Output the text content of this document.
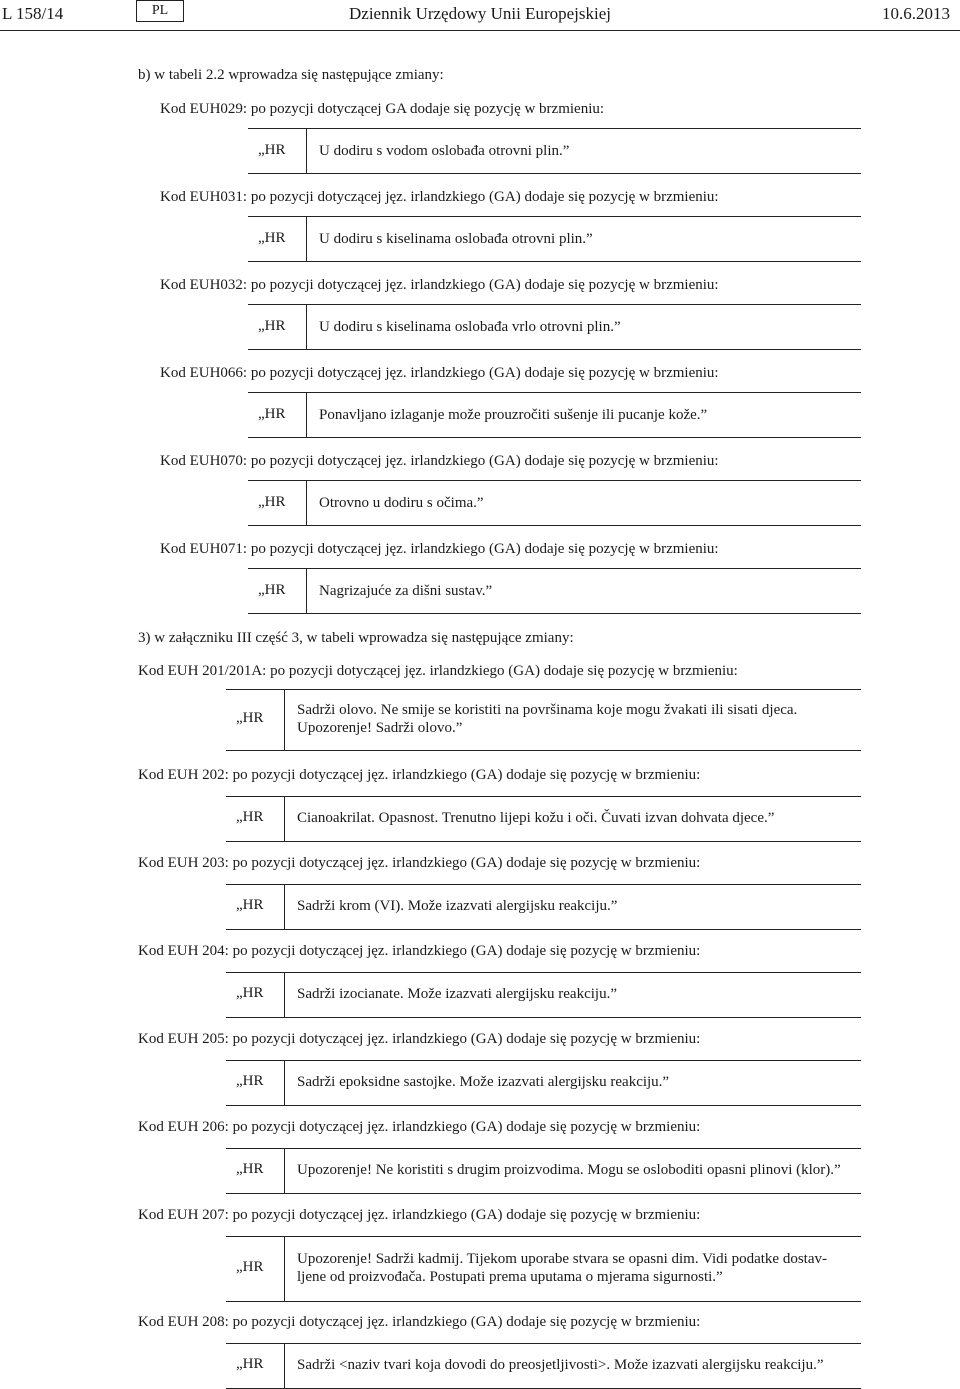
L 158/14	PL	Dziennik Urzędowy Unii Europejskiej	10.6.2013
b) w tabeli 2.2 wprowadza się następujące zmiany:
3) w załączniku III część 3, w tabeli wprowadza się następujące zmiany:
Kod EUH029: po pozycji dotyczącej GA dodaje się pozycję w brzmieniu:
„HR U dodiru s vodom oslobađa otrovni plin.”
Kod EUH031: po pozycji dotyczącej jęz. irlandzkiego (GA) dodaje się pozycję w brzmieniu:
„HR U dodiru s kiselinama oslobađa otrovni plin.”
Kod EUH032: po pozycji dotyczącej jęz. irlandzkiego (GA) dodaje się pozycję w brzmieniu:
„HR U dodiru s kiselinama oslobađa vrlo otrovni plin.”
Kod EUH066: po pozycji dotyczącej jęz. irlandzkiego (GA) dodaje się pozycję w brzmieniu:
„HR Ponavljano izlaganje može prouzročiti sušenje ili pucanje kože.”
Kod EUH070: po pozycji dotyczącej jęz. irlandzkiego (GA) dodaje się pozycję w brzmieniu:
„HR Otrovno u dodiru s očima.”
Kod EUH071: po pozycji dotyczącej jęz. irlandzkiego (GA) dodaje się pozycję w brzmieniu:
„HR Nagrizajuće za dišni sustav.”
Kod EUH 201/201A: po pozycji dotyczącej jęz. irlandzkiego (GA) dodaje się pozycję w brzmieniu:
„HR Sadrži olovo. Ne smije se koristiti na površinama koje mogu žvakati ili sisati djeca.
Upozorenje! Sadrži olovo.”
Kod EUH 202: po pozycji dotyczącej jęz. irlandzkiego (GA) dodaje się pozycję w brzmieniu:
„HR Cianoakrilat. Opasnost. Trenutno lijepi kožu i oči. Čuvati izvan dohvata djece.”
Kod EUH 203: po pozycji dotyczącej jęz. irlandzkiego (GA) dodaje się pozycję w brzmieniu:
„HR Sadrži krom (VI). Može izazvati alergijsku reakciju.”
Kod EUH 204: po pozycji dotyczącej jęz. irlandzkiego (GA) dodaje się pozycję w brzmieniu:
„HR Sadrži izocianate. Može izazvati alergijsku reakciju.”
Kod EUH 205: po pozycji dotyczącej jęz. irlandzkiego (GA) dodaje się pozycję w brzmieniu:
„HR Sadrži epoksidne sastojke. Može izazvati alergijsku reakciju.”
Kod EUH 206: po pozycji dotyczącej jęz. irlandzkiego (GA) dodaje się pozycję w brzmieniu:
„HR Upozorenje! Ne koristiti s drugim proizvodima. Mogu se osloboditi opasni plinovi (klor).”
Kod EUH 207: po pozycji dotyczącej jęz. irlandzkiego (GA) dodaje się pozycję w brzmieniu:
„HR Upozorenje! Sadrži kadmij. Tijekom uporabe stvara se opasni dim. Vidi podatke dostav-
ljene od proizvođača. Postupati prema uputama o mjerama sigurnosti.”
Kod EUH 208: po pozycji dotyczącej jęz. irlandzkiego (GA) dodaje się pozycję w brzmieniu:
„HR Sadrži <naziv tvari koja dovodi do preosjetljivosti>. Može izazvati alergijsku reakciju.”
